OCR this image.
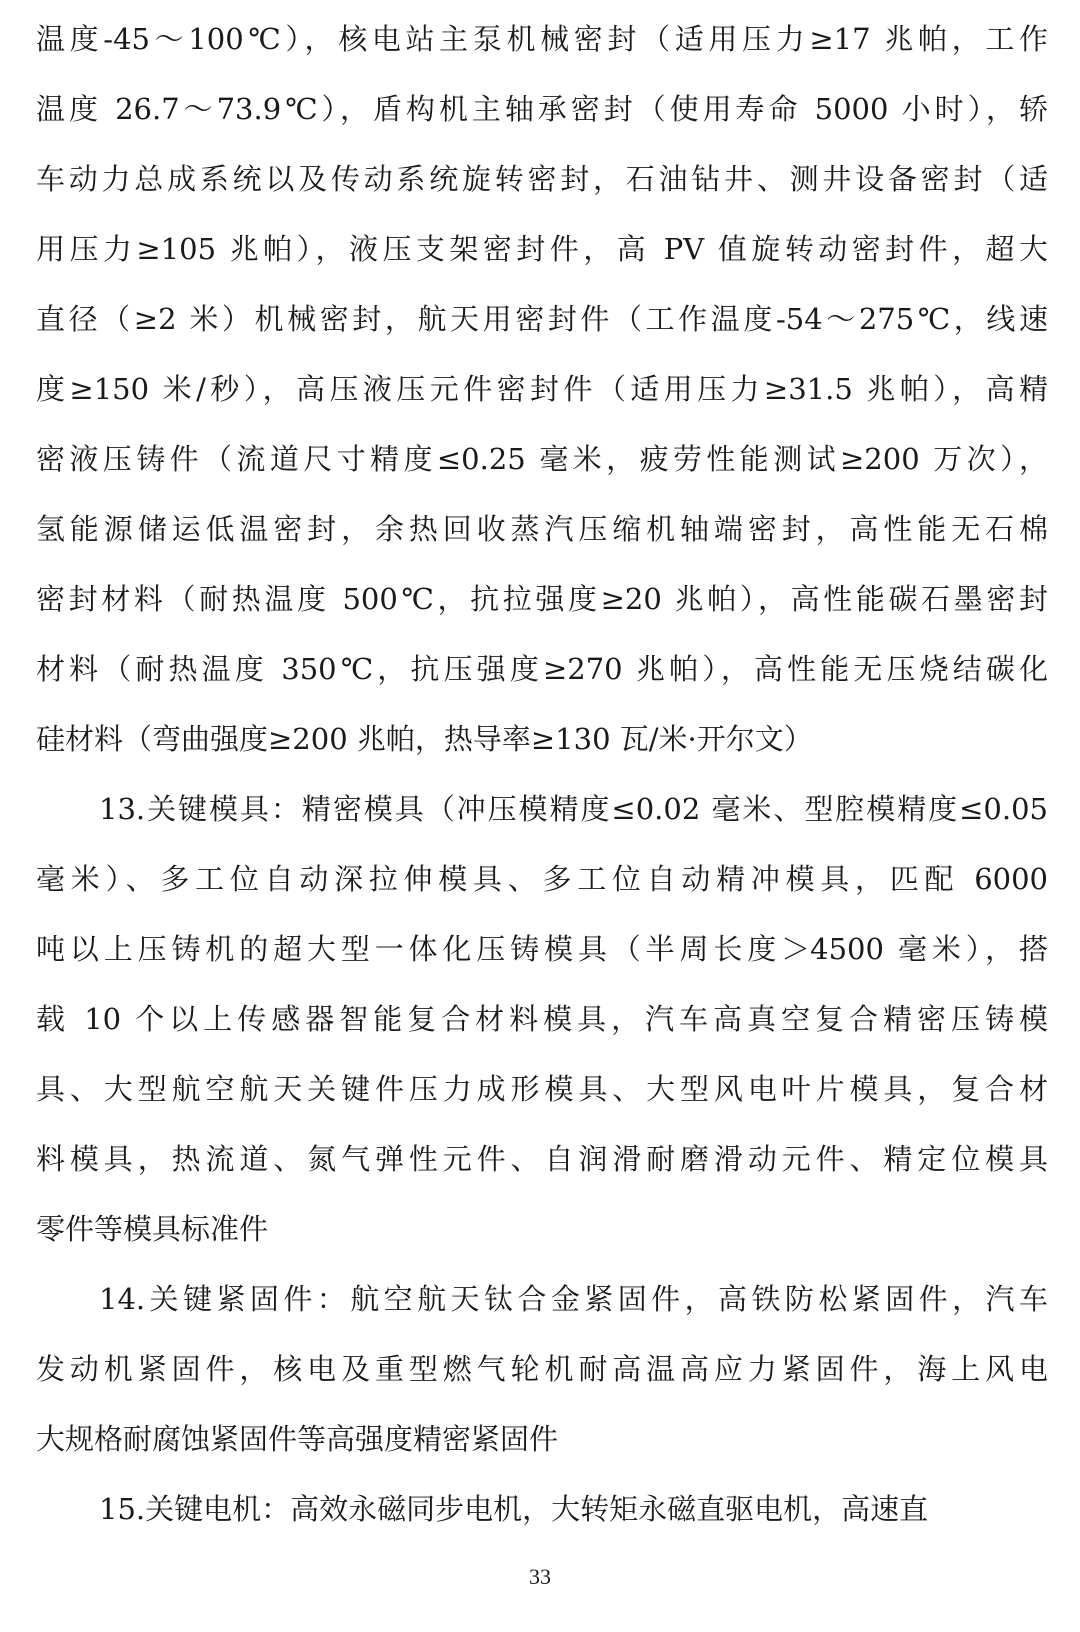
温度-45～100℃），核电站主泵机械密封（适用压力≥17 兆帕，工作
温度 26.7～73.9℃），盾构机主轴承密封（使用寿命 5000 小时），轿
车动力总成系统以及传动系统旋转密封，石油钻井、测井设备密封（适
用压力≥105 兆帕），液压支架密封件，高 PV 值旋转动密封件，超大
直径（≥2 米）机械密封，航天用密封件（工作温度-54～275℃，线速
度≥150 米/秒），高压液压元件密封件（适用压力≥31.5 兆帕），高精
密液压铸件（流道尺寸精度≤0.25 毫米，疲劳性能测试≥200 万次），
氢能源储运低温密封，余热回收蒸汽压缩机轴端密封，高性能无石棉
密封材料（耐热温度 500℃，抗拉强度≥20 兆帕），高性能碳石墨密封
材料（耐热温度 350℃，抗压强度≥270 兆帕），高性能无压烧结碳化
硅材料（弯曲强度≥200 兆帕，热导率≥130 瓦/米·开尔文）
13.关键模具：精密模具（冲压模精度≤0.02 毫米、型腔模精度≤0.05
毫米）、多工位自动深拉伸模具、多工位自动精冲模具，匹配 6000
吨以上压铸机的超大型一体化压铸模具（半周长度＞4500 毫米），搭
载 10 个以上传感器智能复合材料模具，汽车高真空复合精密压铸模
具、大型航空航天关键件压力成形模具、大型风电叶片模具，复合材
料模具，热流道、氮气弹性元件、自润滑耐磨滑动元件、精定位模具
零件等模具标准件
14.关键紧固件：航空航天钛合金紧固件，高铁防松紧固件，汽车
发动机紧固件，核电及重型燃气轮机耐高温高应力紧固件，海上风电
大规格耐腐蚀紧固件等高强度精密紧固件
15.关键电机：高效永磁同步电机，大转矩永磁直驱电机，高速直
33
